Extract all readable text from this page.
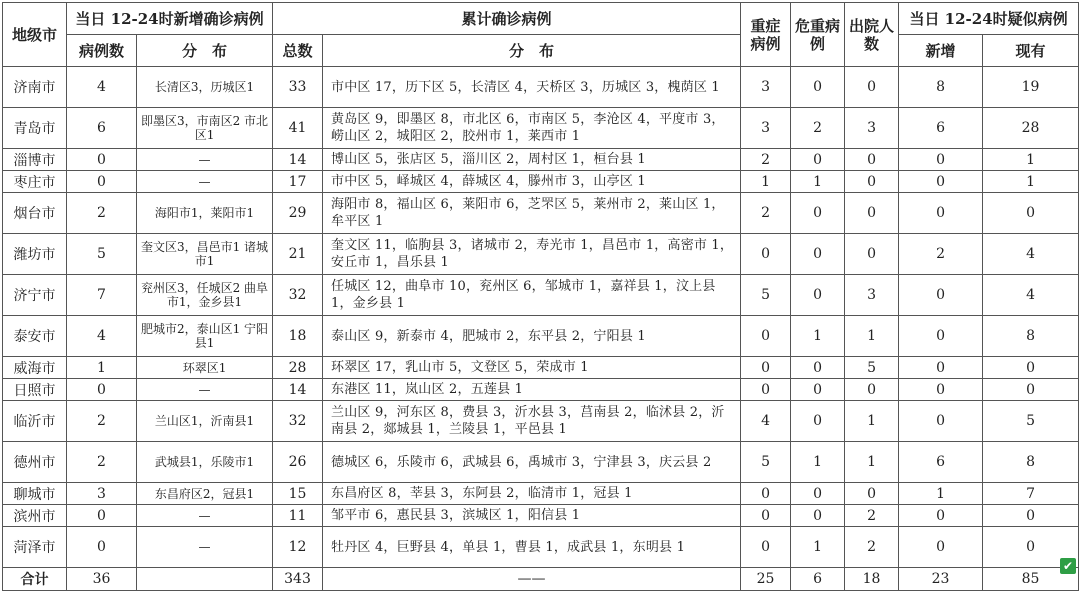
地级市	当日 12-24时新增确诊病例		累计确诊病例		重症病例	危重病例	出院人数	当日 12-24时疑似病例	
	病例数	分　布	总数	分　布				新增	现有
济南市	4	长清区3，历城区1	33	市中区 17，历下区 5，长清区 4，天桥区 3，历城区 3，槐荫区 1	3	0	0	8	19
青岛市	6	即墨区3，市南区2 市北区1	41	黄岛区 9，即墨区 8，市北区 6，市南区 5，李沧区 4，平度市 3，崂山区 2，城阳区 2，胶州市 1，莱西市 1	3	2	3	6	28
淄博市	0	—	14	博山区 5，张店区 5，淄川区 2，周村区 1，桓台县 1	2	0	0	0	1
枣庄市	0	—	17	市中区 5，峄城区 4，薛城区 4，滕州市 3，山亭区 1	1	1	0	0	1
烟台市	2	海阳市1，莱阳市1	29	海阳市 8，福山区 6，莱阳市 6，芝罘区 5，莱州市 2，莱山区 1，牟平区 1	2	0	0	0	0
潍坊市	5	奎文区3，昌邑市1 诸城市1	21	奎文区 11，临朐县 3，诸城市 2，寿光市 1，昌邑市 1，高密市 1，安丘市 1，昌乐县 1	0	0	0	2	4
济宁市	7	兖州区3，任城区2 曲阜市1，金乡县1	32	任城区 12，曲阜市 10，兖州区 6，邹城市 1，嘉祥县 1，汶上县 1，金乡县 1	5	0	3	0	4
泰安市	4	肥城市2，泰山区1 宁阳县1	18	泰山区 9，新泰市 4，肥城市 2，东平县 2，宁阳县 1	0	1	1	0	8
威海市	1	环翠区1	28	环翠区 17，乳山市 5，文登区 5，荣成市 1	0	0	5	0	0
日照市	0	—	14	东港区 11，岚山区 2，五莲县 1	0	0	0	0	0
临沂市	2	兰山区1，沂南县1	32	兰山区 9，河东区 8，费县 3，沂水县 3，莒南县 2，临沭县 2，沂南县 2，郯城县 1，兰陵县 1，平邑县 1	4	0	1	0	5
德州市	2	武城县1，乐陵市1	26	德城区 6，乐陵市 6，武城县 6，禹城市 3，宁津县 3，庆云县 2	5	1	1	6	8
聊城市	3	东昌府区2，冠县1	15	东昌府区 8，莘县 3，东阿县 2，临清市 1，冠县 1	0	0	0	1	7
滨州市	0	—	11	邹平市 6，惠民县 3，滨城区 1，阳信县 1	0	0	2	0	0
菏泽市	0	—	12	牡丹区 4，巨野县 4，单县 1，曹县 1，成武县 1，东明县 1	0	1	2	0	0
合计	36		343	——	25	6	18	23	85
✔
